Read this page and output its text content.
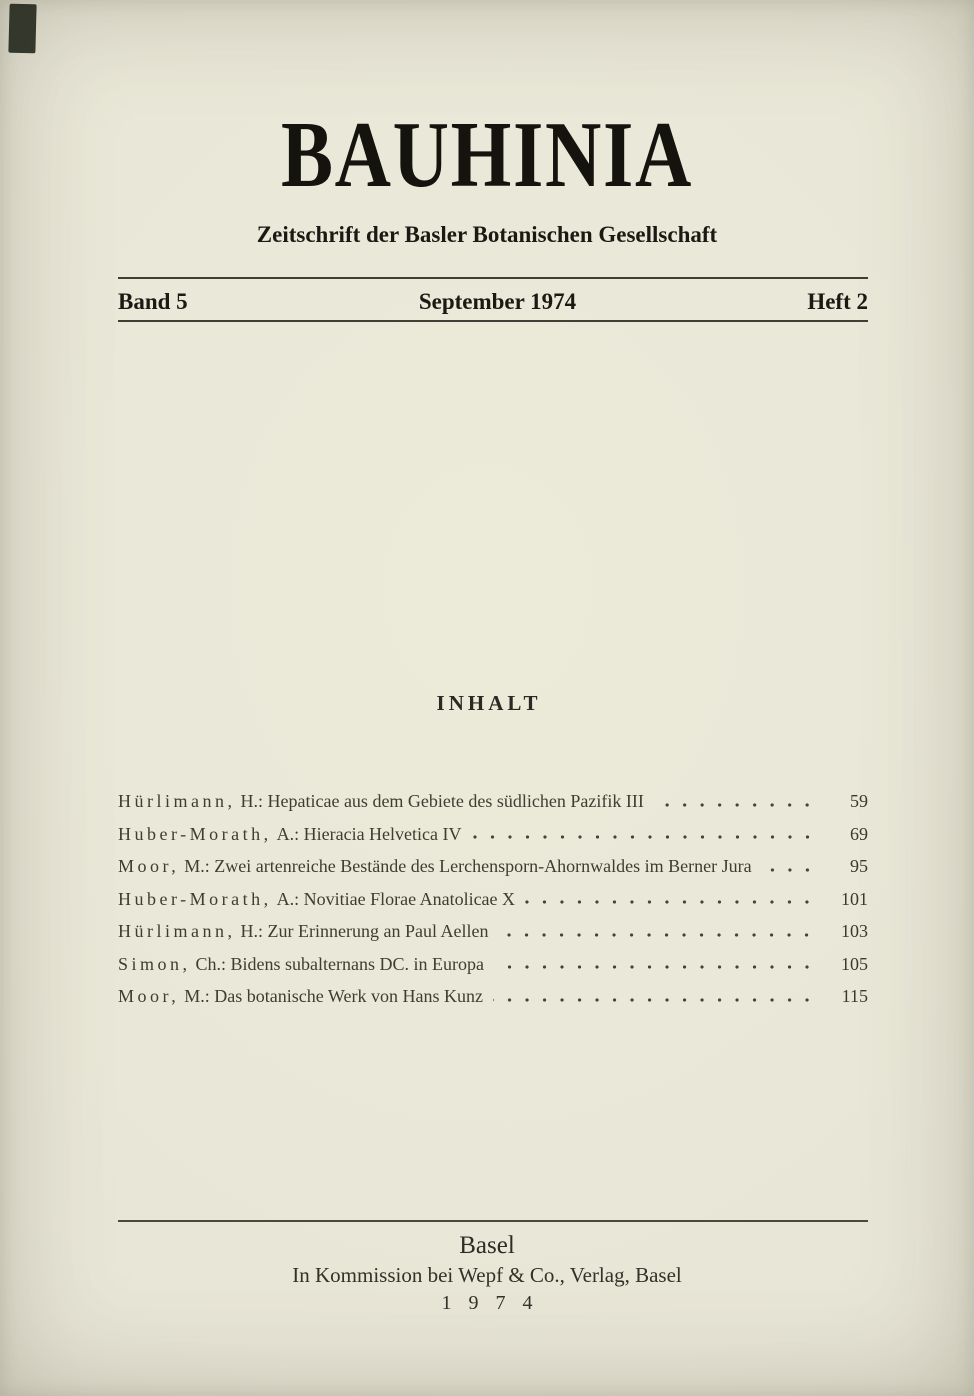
BAUHINIA
Zeitschrift der Basler Botanischen Gesellschaft
Band 5	September 1974	Heft 2
INHALT
Hürlimann, H.: Hepaticae aus dem Gebiete des südlichen Pazifik III	59
Huber-Morath, A.: Hieracia Helvetica IV	69
Moor, M.: Zwei artenreiche Bestände des Lerchensporn-Ahornwaldes im Berner Jura	95
Huber-Morath, A.: Novitiae Florae Anatolicae X	101
Hürlimann, H.: Zur Erinnerung an Paul Aellen	103
Simon, Ch.: Bidens subalternans DC. in Europa	105
Moor, M.: Das botanische Werk von Hans Kunz	115

Basel

In Kommission bei Wepf & Co., Verlag, Basel

1 9 7 4
